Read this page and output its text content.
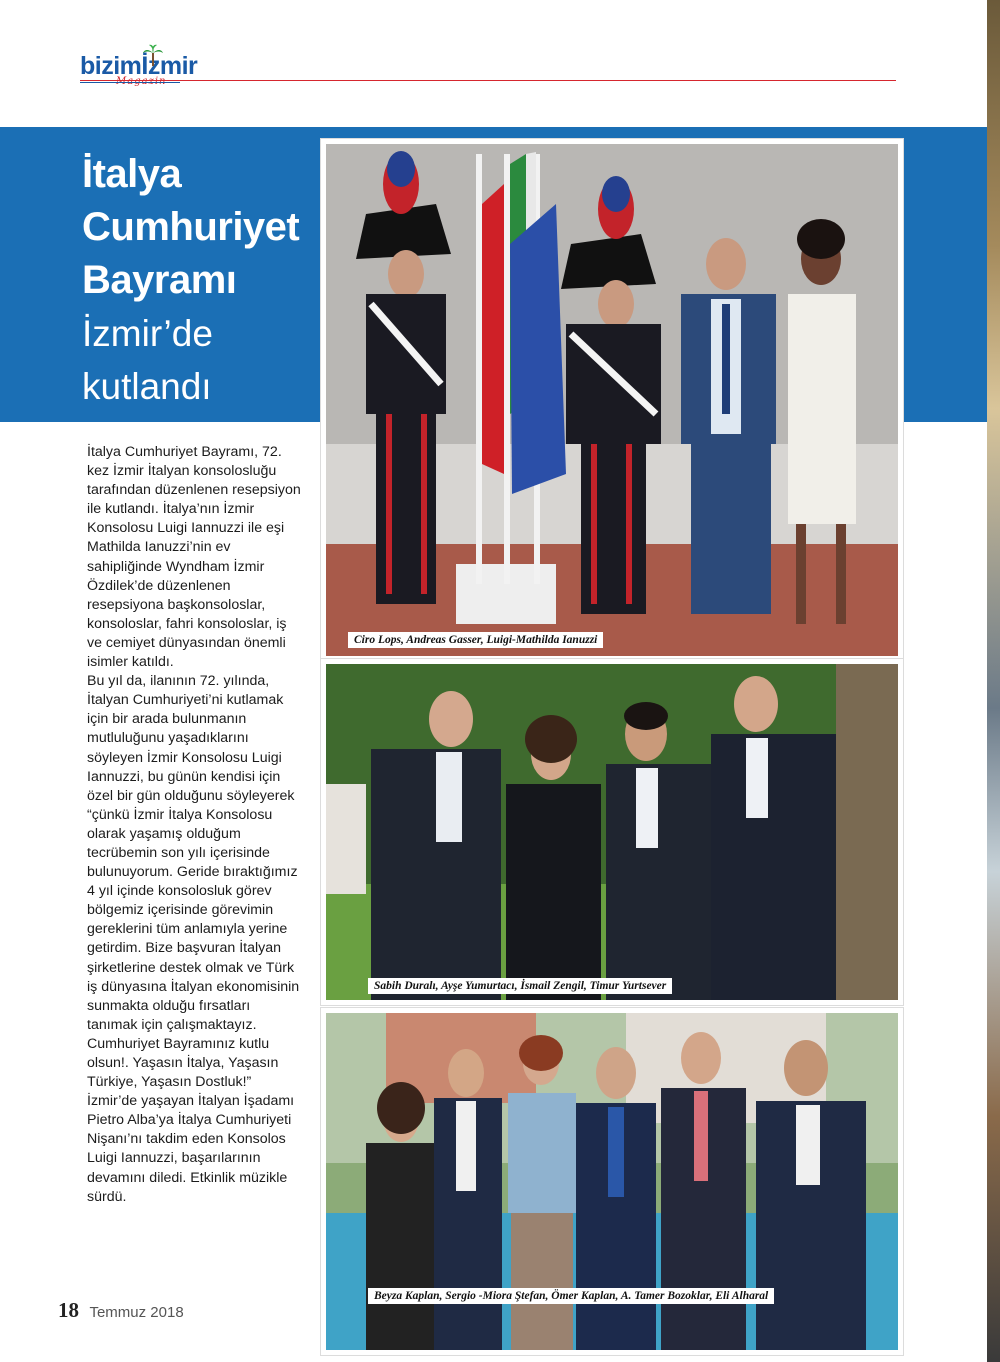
bizimİzmir
İtalya
Cumhuriyet
Bayramı
İzmir’de
kutlandı

İtalya Cumhuriyet Bayramı, 72. kez İzmir İtalyan konsolosluğu tarafından düzenlenen resepsiyon ile kutlandı. İtalya’nın İzmir Konsolosu Luigi Iannuzzi ile eşi Mathilda Ianuzzi’nin ev sahipliğinde Wyndham İzmir Özdilek’de düzenlenen resepsiyona başkonsoloslar, konsoloslar, fahri konsoloslar, iş ve cemiyet dünyasından önemli isimler katıldı.

Bu yıl da, ilanının 72. yılında, İtalyan Cumhuriyeti’ni kutlamak için bir arada bulunmanın mutluluğunu yaşadıklarını söyleyen İzmir Konsolosu Luigi Iannuzzi, bu günün kendisi için özel bir gün olduğunu söyleyerek “çünkü İzmir İtalya Konsolosu olarak yaşamış olduğum tecrübemin son yılı içerisinde bulunuyorum. Geride bıraktığımız 4 yıl içinde konsolosluk görev bölgemiz içerisinde görevimin gereklerini tüm anlamıyla yerine getirdim. Bize başvuran İtalyan şirketlerine destek olmak ve Türk iş dünyasına İtalyan ekonomisinin sunmakta olduğu fırsatları tanımak için çalışmaktayız. Cumhuriyet Bayramınız kutlu olsun!. Yaşasın İtalya, Yaşasın Türkiye, Yaşasın Dostluk!”

İzmir’de yaşayan İtalyan İşadamı Pietro Alba’ya İtalya Cumhuriyeti Nişanı’nı takdim eden Konsolos Luigi Iannuzzi, başarılarının devamını diledi. Etkinlik müzikle sürdü.

Ciro Lops, Andreas Gasser, Luigi-Mathilda Ianuzzi
Sabih Duralı, Ayşe Yumurtacı, İsmail Zengil, Timur Yurtsever
Beyza Kaplan, Sergio -Miora Ştefan, Ömer Kaplan, A. Tamer Bozoklar, Eli Alharal
18 Temmuz 2018
